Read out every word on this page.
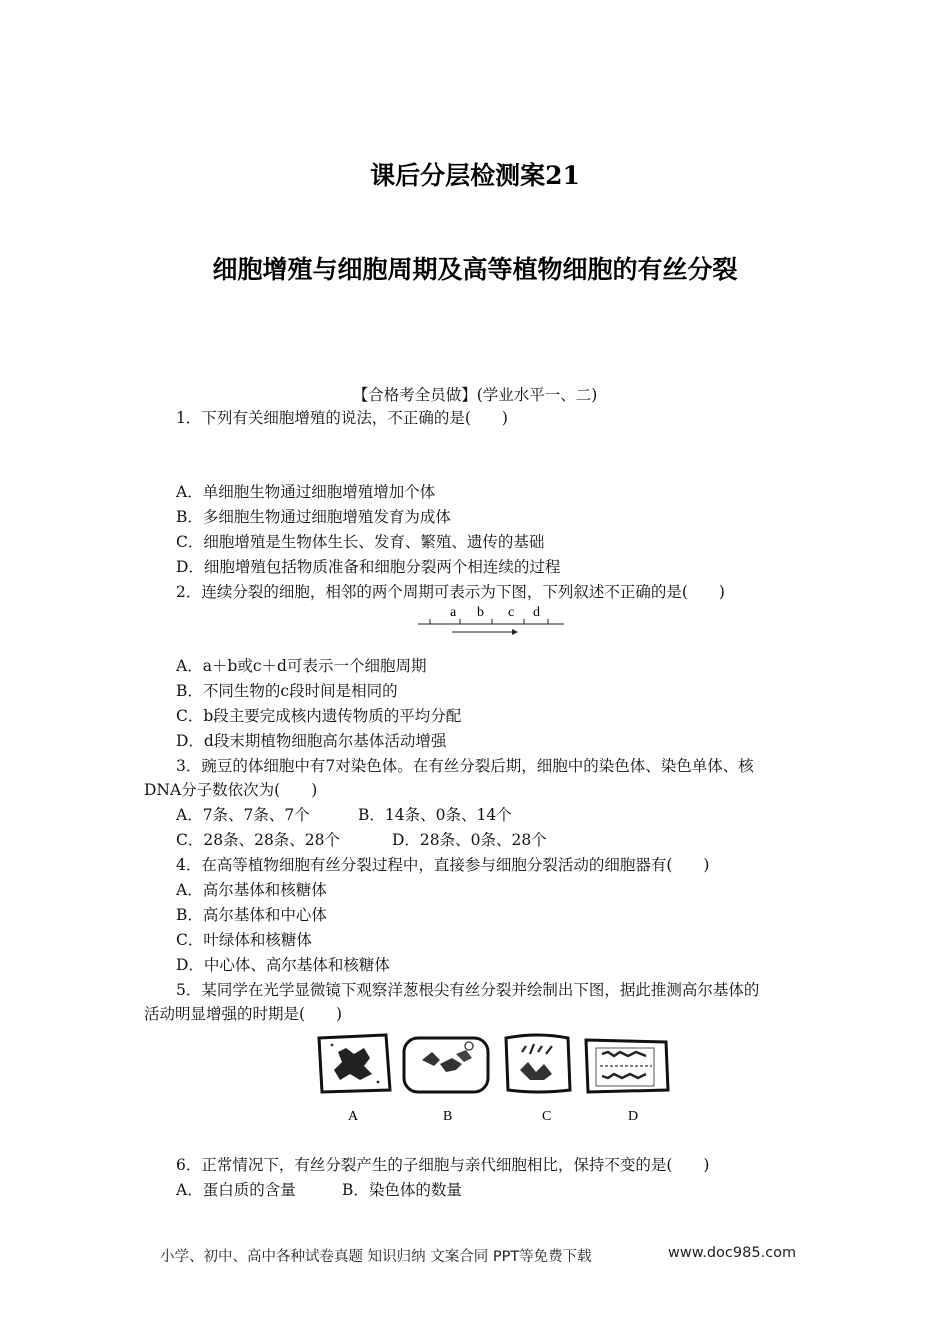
课后分层检测案21
细胞增殖与细胞周期及高等植物细胞的有丝分裂
【合格考全员做】(学业水平一、二)
1．下列有关细胞增殖的说法，不正确的是(　　)
A．单细胞生物通过细胞增殖增加个体
B．多细胞生物通过细胞增殖发育为成体
C．细胞增殖是生物体生长、发育、繁殖、遗传的基础
D．细胞增殖包括物质准备和细胞分裂两个相连续的过程
2．连续分裂的细胞，相邻的两个周期可表示为下图，下列叙述不正确的是(　　)
a b c d
A．a＋b或c＋d可表示一个细胞周期
B．不同生物的c段时间是相同的
C．b段主要完成核内遗传物质的平均分配
D．d段末期植物细胞高尔基体活动增强
3．豌豆的体细胞中有7对染色体。在有丝分裂后期，细胞中的染色体、染色单体、核
DNA分子数依次为(　　)
A．7条、7条、7个	B．14条、0条、14个
C．28条、28条、28个	D．28条、0条、28个
4．在高等植物细胞有丝分裂过程中，直接参与细胞分裂活动的细胞器有(　　)
A．高尔基体和核糖体
B．高尔基体和中心体
C．叶绿体和核糖体
D．中心体、高尔基体和核糖体
5．某同学在光学显微镜下观察洋葱根尖有丝分裂并绘制出下图，据此推测高尔基体的
活动明显增强的时期是(　　)
A	B	C	D
6．正常情况下，有丝分裂产生的子细胞与亲代细胞相比，保持不变的是(　　)
A．蛋白质的含量	B．染色体的数量
小学、初中、高中各种试卷真题 知识归纳 文案合同 PPT等免费下载	www.doc985.com
